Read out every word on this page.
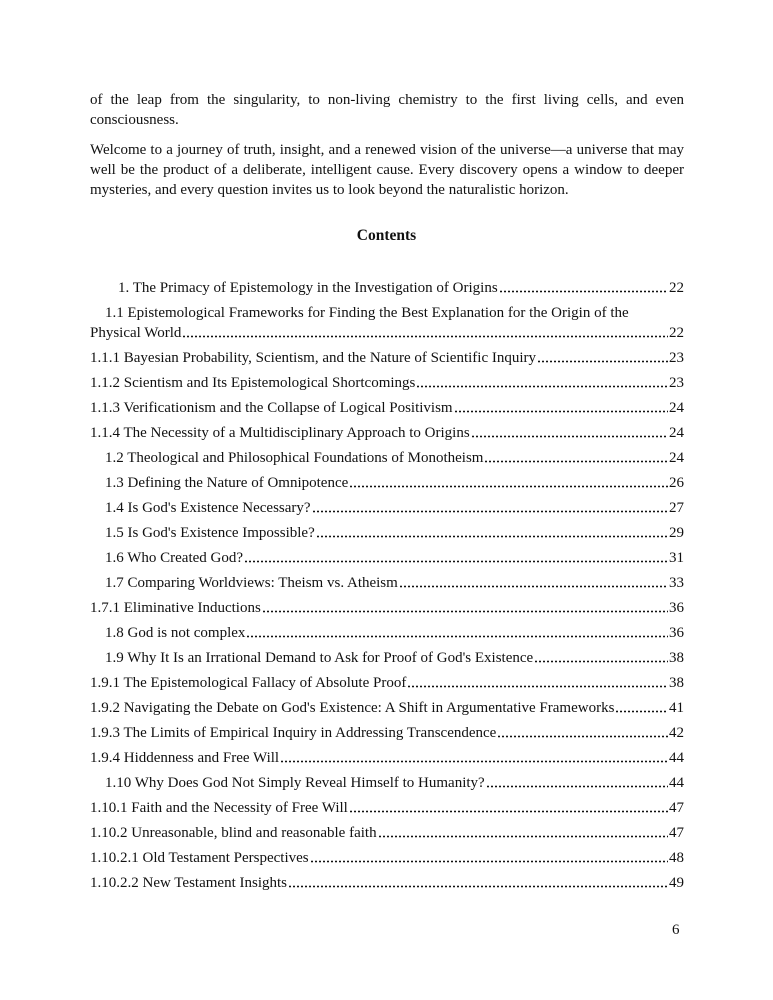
of the leap from the singularity, to non-living chemistry to the first living cells, and even consciousness.

Welcome to a journey of truth, insight, and a renewed vision of the universe—a universe that may well be the product of a deliberate, intelligent cause. Every discovery opens a window to deeper mysteries, and every question invites us to look beyond the naturalistic horizon.

Contents
1. The Primacy of Epistemology in the Investigation of Origins	22
1.1 Epistemological Frameworks for Finding the Best Explanation for the Origin of the
Physical World	22
1.1.1 Bayesian Probability, Scientism, and the Nature of Scientific Inquiry	23
1.1.2 Scientism and Its Epistemological Shortcomings	23
1.1.3 Verificationism and the Collapse of Logical Positivism	24
1.1.4 The Necessity of a Multidisciplinary Approach to Origins	24
1.2 Theological and Philosophical Foundations of Monotheism	24
1.3 Defining the Nature of Omnipotence	26
1.4 Is God's Existence Necessary?	27
1.5 Is God's Existence Impossible?	29
1.6 Who Created God?	31
1.7 Comparing Worldviews: Theism vs. Atheism	33
1.7.1 Eliminative Inductions	36
1.8 God is not complex	36
1.9 Why It Is an Irrational Demand to Ask for Proof of God's Existence	38
1.9.1 The Epistemological Fallacy of Absolute Proof	38
1.9.2 Navigating the Debate on God's Existence: A Shift in Argumentative Frameworks	41
1.9.3 The Limits of Empirical Inquiry in Addressing Transcendence	42
1.9.4 Hiddenness and Free Will	44
1.10 Why Does God Not Simply Reveal Himself to Humanity?	44
1.10.1 Faith and the Necessity of Free Will	47
1.10.2 Unreasonable, blind and reasonable faith	47
1.10.2.1 Old Testament Perspectives	48
1.10.2.2 New Testament Insights	49
6
